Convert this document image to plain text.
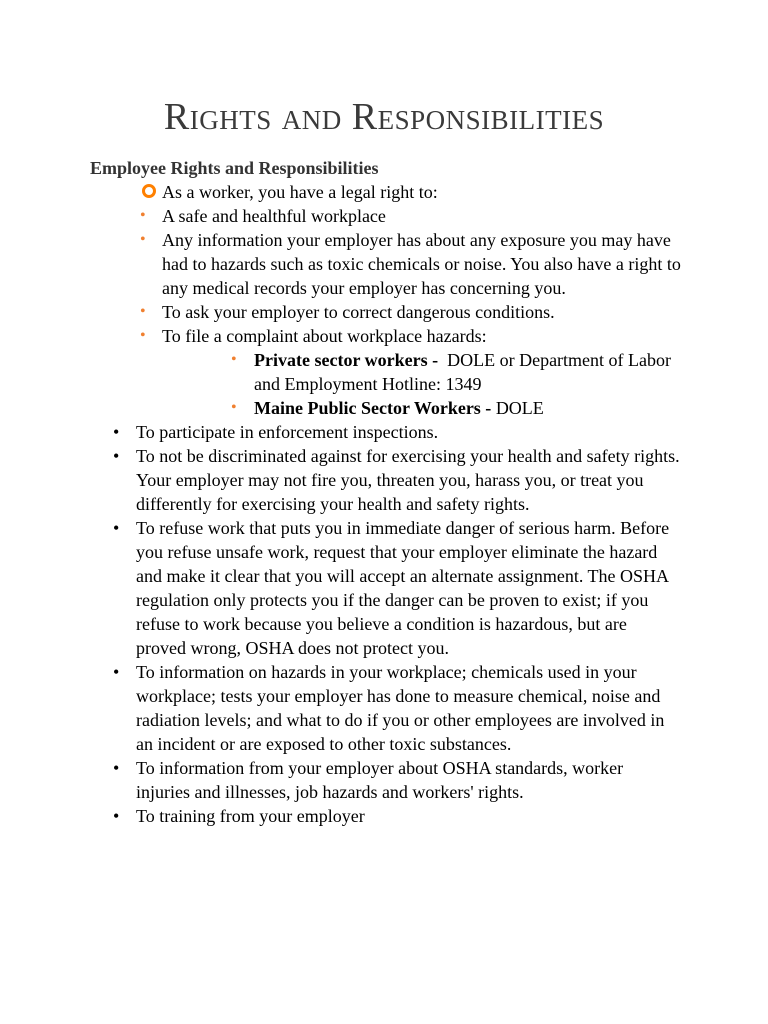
Rights and Responsibilities
Employee Rights and Responsibilities
As a worker, you have a legal right to:
• A safe and healthful workplace
• Any information your employer has about any exposure you may have had to hazards such as toxic chemicals or noise. You also have a right to any medical records your employer has concerning you.
• To ask your employer to correct dangerous conditions.
• To file a complaint about workplace hazards:
• Private sector workers -  DOLE or Department of Labor and Employment Hotline: 1349
• Maine Public Sector Workers - DOLE
• To participate in enforcement inspections.
• To not be discriminated against for exercising your health and safety rights. Your employer may not fire you, threaten you, harass you, or treat you differently for exercising your health and safety rights.
• To refuse work that puts you in immediate danger of serious harm. Before you refuse unsafe work, request that your employer eliminate the hazard and make it clear that you will accept an alternate assignment. The OSHA regulation only protects you if the danger can be proven to exist; if you refuse to work because you believe a condition is hazardous, but are proved wrong, OSHA does not protect you.
• To information on hazards in your workplace; chemicals used in your workplace; tests your employer has done to measure chemical, noise and radiation levels; and what to do if you or other employees are involved in an incident or are exposed to other toxic substances.
• To information from your employer about OSHA standards, worker injuries and illnesses, job hazards and workers' rights.
• To training from your employer
